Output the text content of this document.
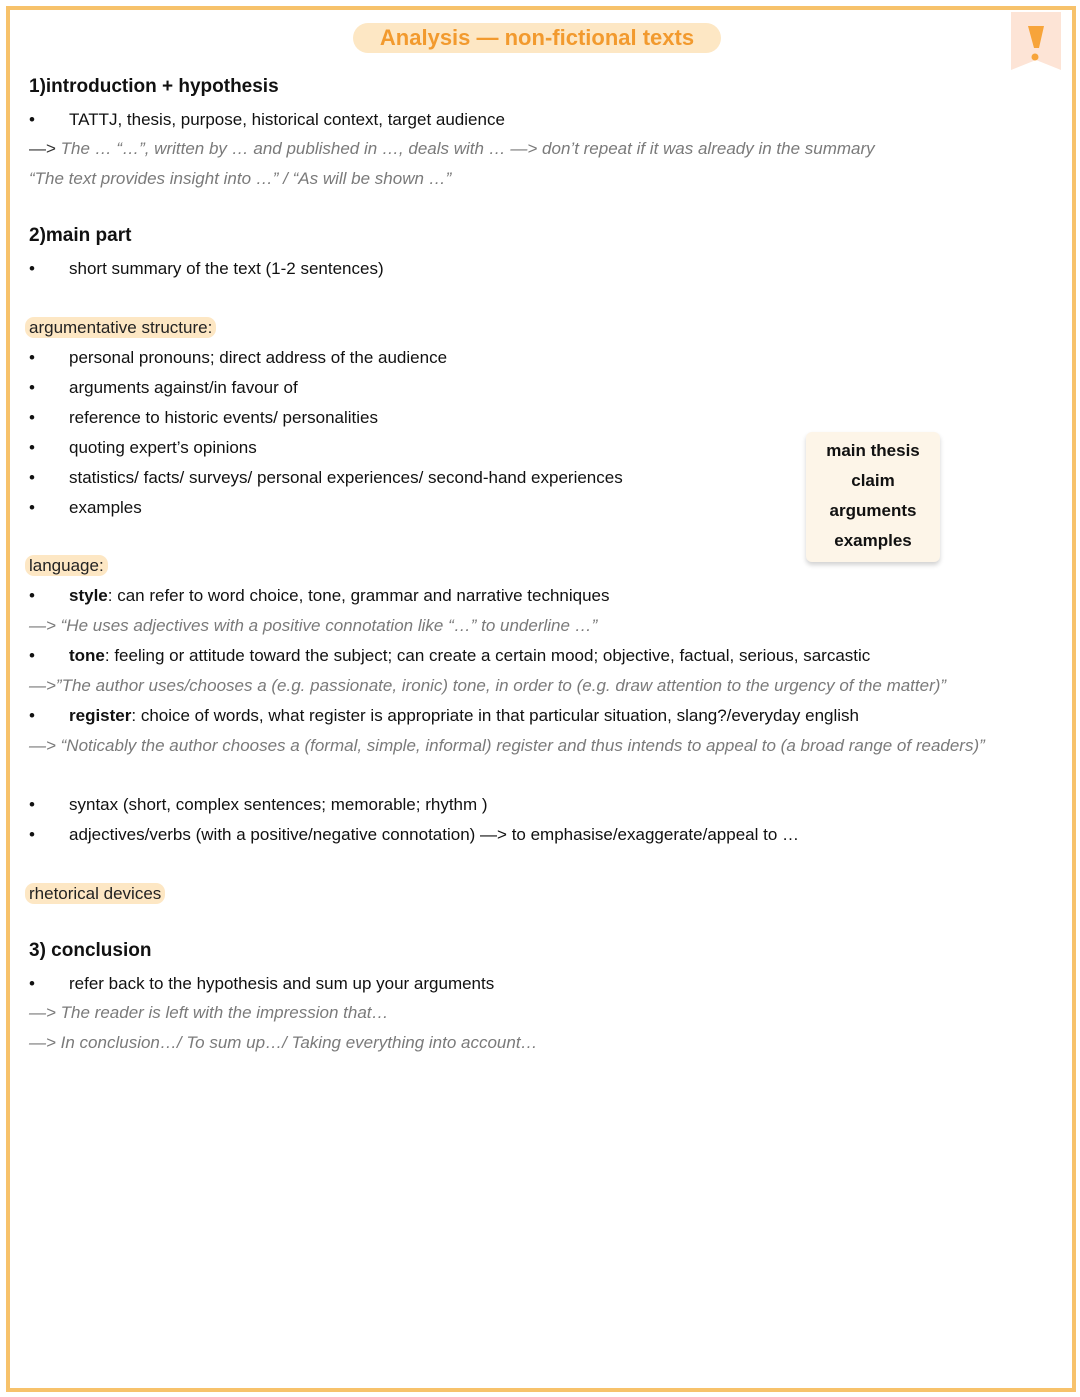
Analysis — non-fictional texts
1)introduction + hypothesis
• TATTJ, thesis, purpose, historical context, target audience
—> The … “…”, written by … and published in …, deals with … —> don’t repeat if it was already in the summary
“The text provides insight into …” / “As will be shown …”
2)main part
• short summary of the text (1-2 sentences)
argumentative structure:
• personal pronouns; direct address of the audience
• arguments against/in favour of
• reference to historic events/ personalities
• quoting expert’s opinions
• statistics/ facts/ surveys/ personal experiences/ second-hand experiences
• examples
main thesis
claim
arguments
examples
language:
• style: can refer to word choice, tone, grammar and narrative techniques
—> “He uses adjectives with a positive connotation like “…” to underline …”
• tone: feeling or attitude toward the subject; can create a certain mood; objective, factual, serious, sarcastic
—>”The author uses/chooses a (e.g. passionate, ironic) tone, in order to (e.g. draw attention to the urgency of the matter)”
• register: choice of words, what register is appropriate in that particular situation, slang?/everyday english
—> “Noticably the author chooses a (formal, simple, informal) register and thus intends to appeal to (a broad range of readers)”
• syntax (short, complex sentences; memorable; rhythm )
• adjectives/verbs (with a positive/negative connotation) —> to emphasise/exaggerate/appeal to …
rhetorical devices
3) conclusion
• refer back to the hypothesis and sum up your arguments
—> The reader is left with the impression that…
—> In conclusion…/ To sum up…/ Taking everything into account…
